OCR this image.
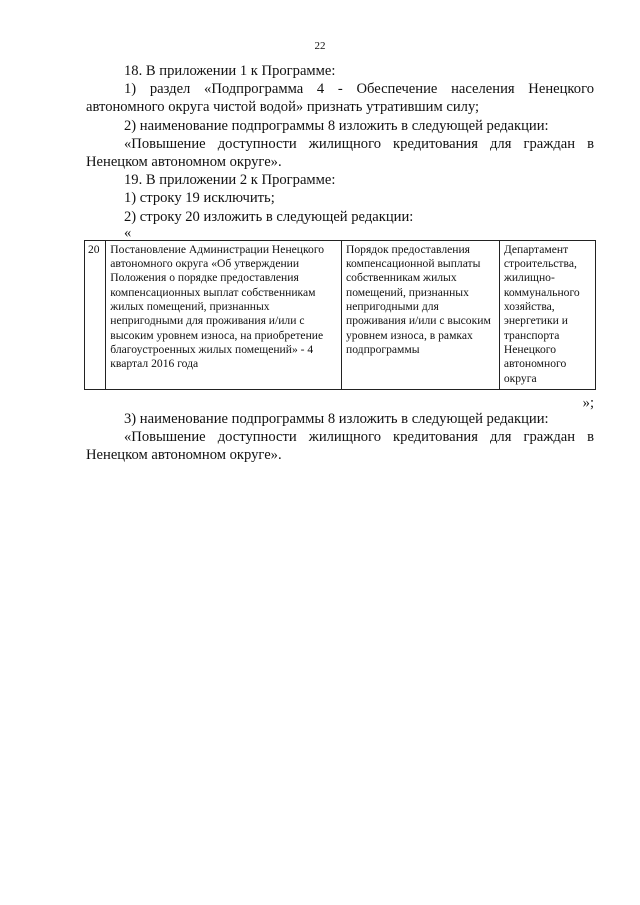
22

18. В приложении 1 к Программе:

1) раздел «Подпрограмма 4 - Обеспечение населения Ненецкого автономного округа чистой водой» признать утратившим силу;

2) наименование подпрограммы 8 изложить в следующей редакции:

«Повышение доступности жилищного кредитования для граждан в Ненецком автономном округе».

19. В приложении 2 к Программе:

1) строку 19 исключить;

2) строку 20 изложить в следующей редакции:

«

20	Постановление Администрации Ненецкого автономного округа «Об утверждении Положения о порядке предоставления компенсационных выплат собственникам жилых помещений, признанных непригодными для проживания и/или с высоким уровнем износа, на приобретение благоустроенных жилых помещений» - 4 квартал 2016 года	Порядок предоставления компенсационной выплаты собственникам жилых помещений, признанных непригодными для проживания и/или с высоким уровнем износа, в рамках подпрограммы	Департамент строительства, жилищно-коммунального хозяйства, энергетики и транспорта Ненецкого автономного округа

»;

3) наименование подпрограммы 8 изложить в следующей редакции:

«Повышение доступности жилищного кредитования для граждан в Ненецком автономном округе».
